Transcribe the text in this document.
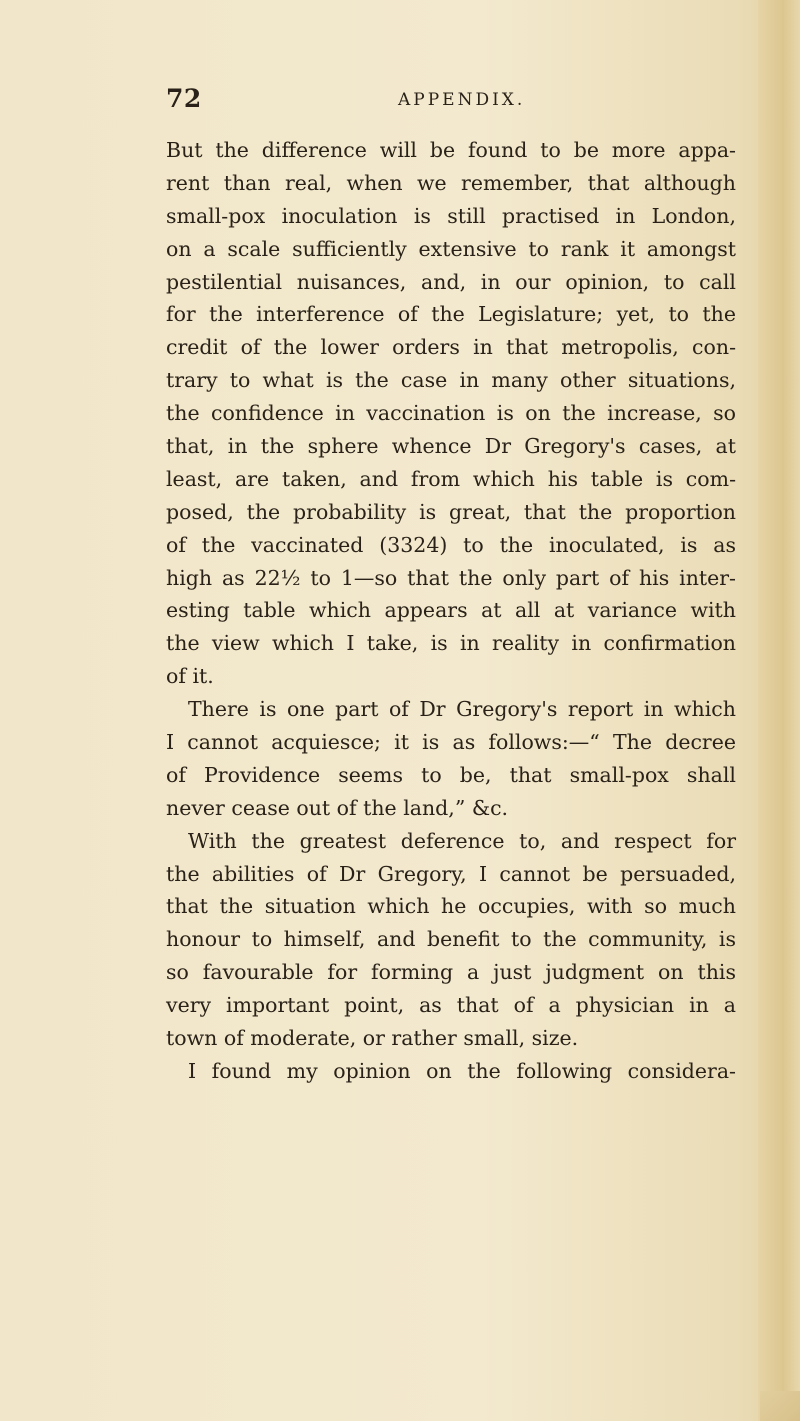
72	APPENDIX.
But the difference will be found to be more appa-
rent than real, when we remember, that although
small-pox inoculation is still practised in London,
on a scale sufficiently extensive to rank it amongst
pestilential nuisances, and, in our opinion, to call
for the interference of the Legislature; yet, to the
credit of the lower orders in that metropolis, con-
trary to what is the case in many other situations,
the confidence in vaccination is on the increase, so
that, in the sphere whence Dr Gregory's cases, at
least, are taken, and from which his table is com-
posed, the probability is great, that the proportion
of the vaccinated (3324) to the inoculated, is as
high as 22½ to 1—so that the only part of his inter-
esting table which appears at all at variance with
the view which I take, is in reality in confirmation
of it.
There is one part of Dr Gregory's report in which
I cannot acquiesce; it is as follows:—“ The decree
of Providence seems to be, that small-pox shall
never cease out of the land,” &c.
With the greatest deference to, and respect for
the abilities of Dr Gregory, I cannot be persuaded,
that the situation which he occupies, with so much
honour to himself, and benefit to the community, is
so favourable for forming a just judgment on this
very important point, as that of a physician in a
town of moderate, or rather small, size.
I found my opinion on the following considera-
